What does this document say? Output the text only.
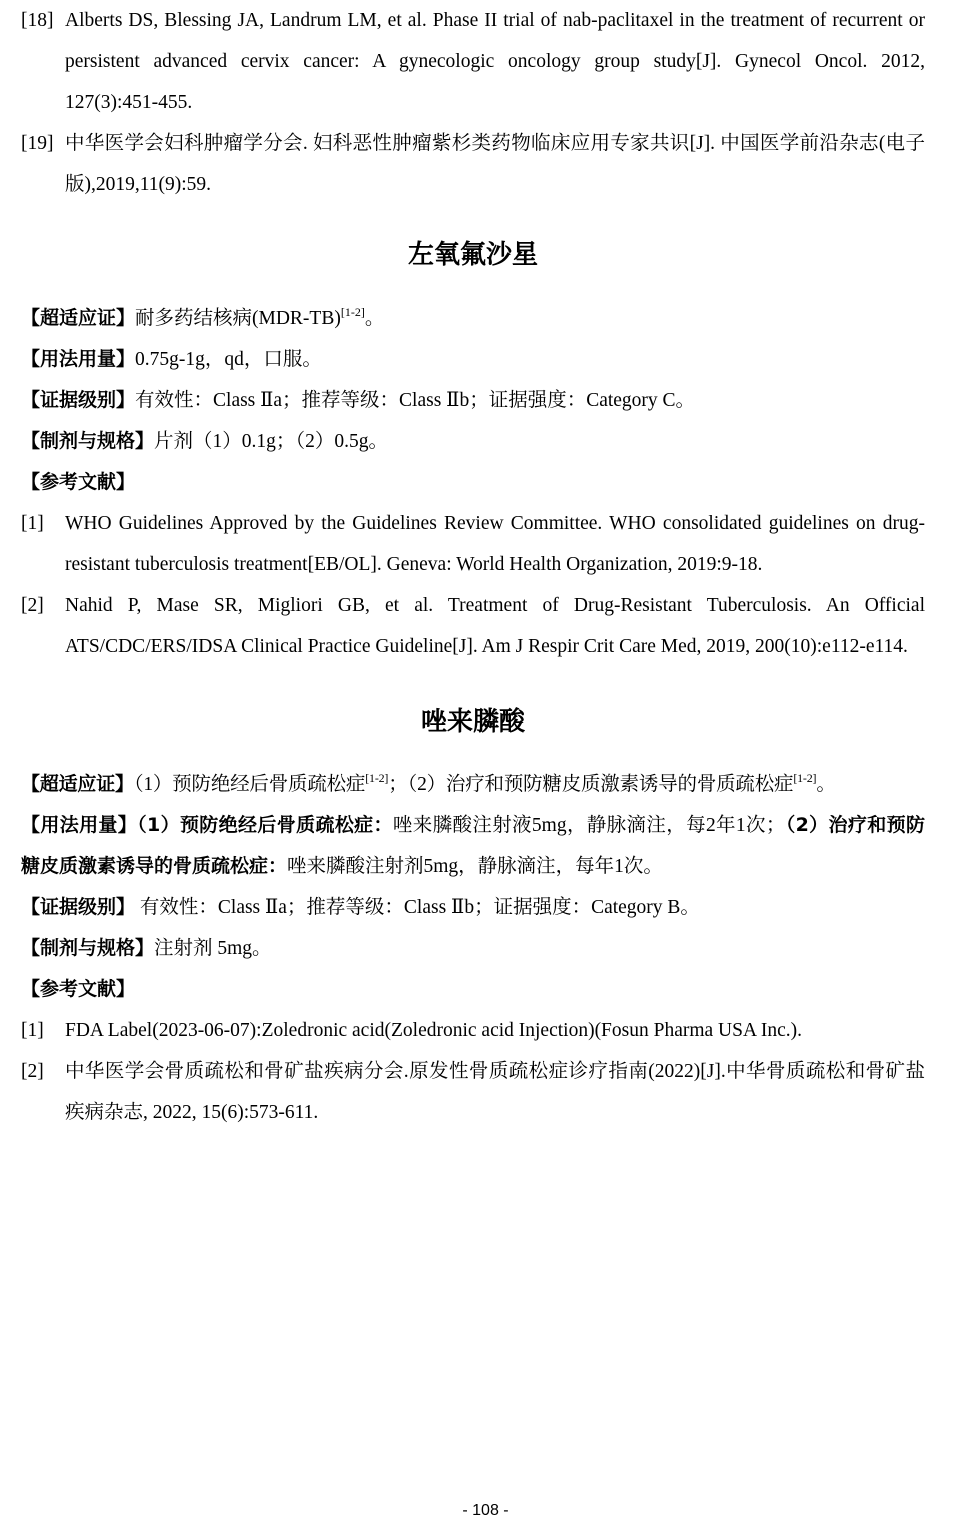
[18] Alberts DS, Blessing JA, Landrum LM, et al. Phase II trial of nab-paclitaxel in the treatment of recurrent or persistent advanced cervix cancer: A gynecologic oncology group study[J]. Gynecol Oncol. 2012, 127(3):451-455.
[19] 中华医学会妇科肿瘤学分会. 妇科恶性肿瘤紫杉类药物临床应用专家共识[J]. 中国医学前沿杂志(电子版),2019,11(9):59.
左氧氟沙星
【超适应证】耐多药结核病(MDR-TB)[1-2]。
【用法用量】0.75g-1g，qd，口服。
【证据级别】有效性：Class Ⅱa；推荐等级：Class Ⅱb；证据强度：Category C。
【制剂与规格】片剂（1）0.1g；（2）0.5g。
【参考文献】
[1]	WHO Guidelines Approved by the Guidelines Review Committee. WHO consolidated guidelines on drug-resistant tuberculosis treatment[EB/OL]. Geneva: World Health Organization, 2019:9-18.
[2]	Nahid P, Mase SR, Migliori GB, et al. Treatment of Drug-Resistant Tuberculosis. An Official ATS/CDC/ERS/IDSA Clinical Practice Guideline[J]. Am J Respir Crit Care Med, 2019, 200(10):e112-e114.
唑来膦酸
【超适应证】（1）预防绝经后骨质疏松症[1-2]；（2）治疗和预防糖皮质激素诱导的骨质疏松症[1-2]。
【用法用量】（1）预防绝经后骨质疏松症：唑来膦酸注射液5mg，静脉滴注，每2年1次；（2）治疗和预防糖皮质激素诱导的骨质疏松症：唑来膦酸注射剂5mg，静脉滴注，每年1次。
【证据级别】 有效性：Class Ⅱa；推荐等级：Class Ⅱb；证据强度：Category B。
【制剂与规格】注射剂 5mg。
【参考文献】
[1]	FDA Label(2023-06-07):Zoledronic acid(Zoledronic acid Injection)(Fosun Pharma USA Inc.).
[2]	中华医学会骨质疏松和骨矿盐疾病分会.原发性骨质疏松症诊疗指南(2022)[J].中华骨质疏松和骨矿盐疾病杂志, 2022, 15(6):573-611.
- 108 -
